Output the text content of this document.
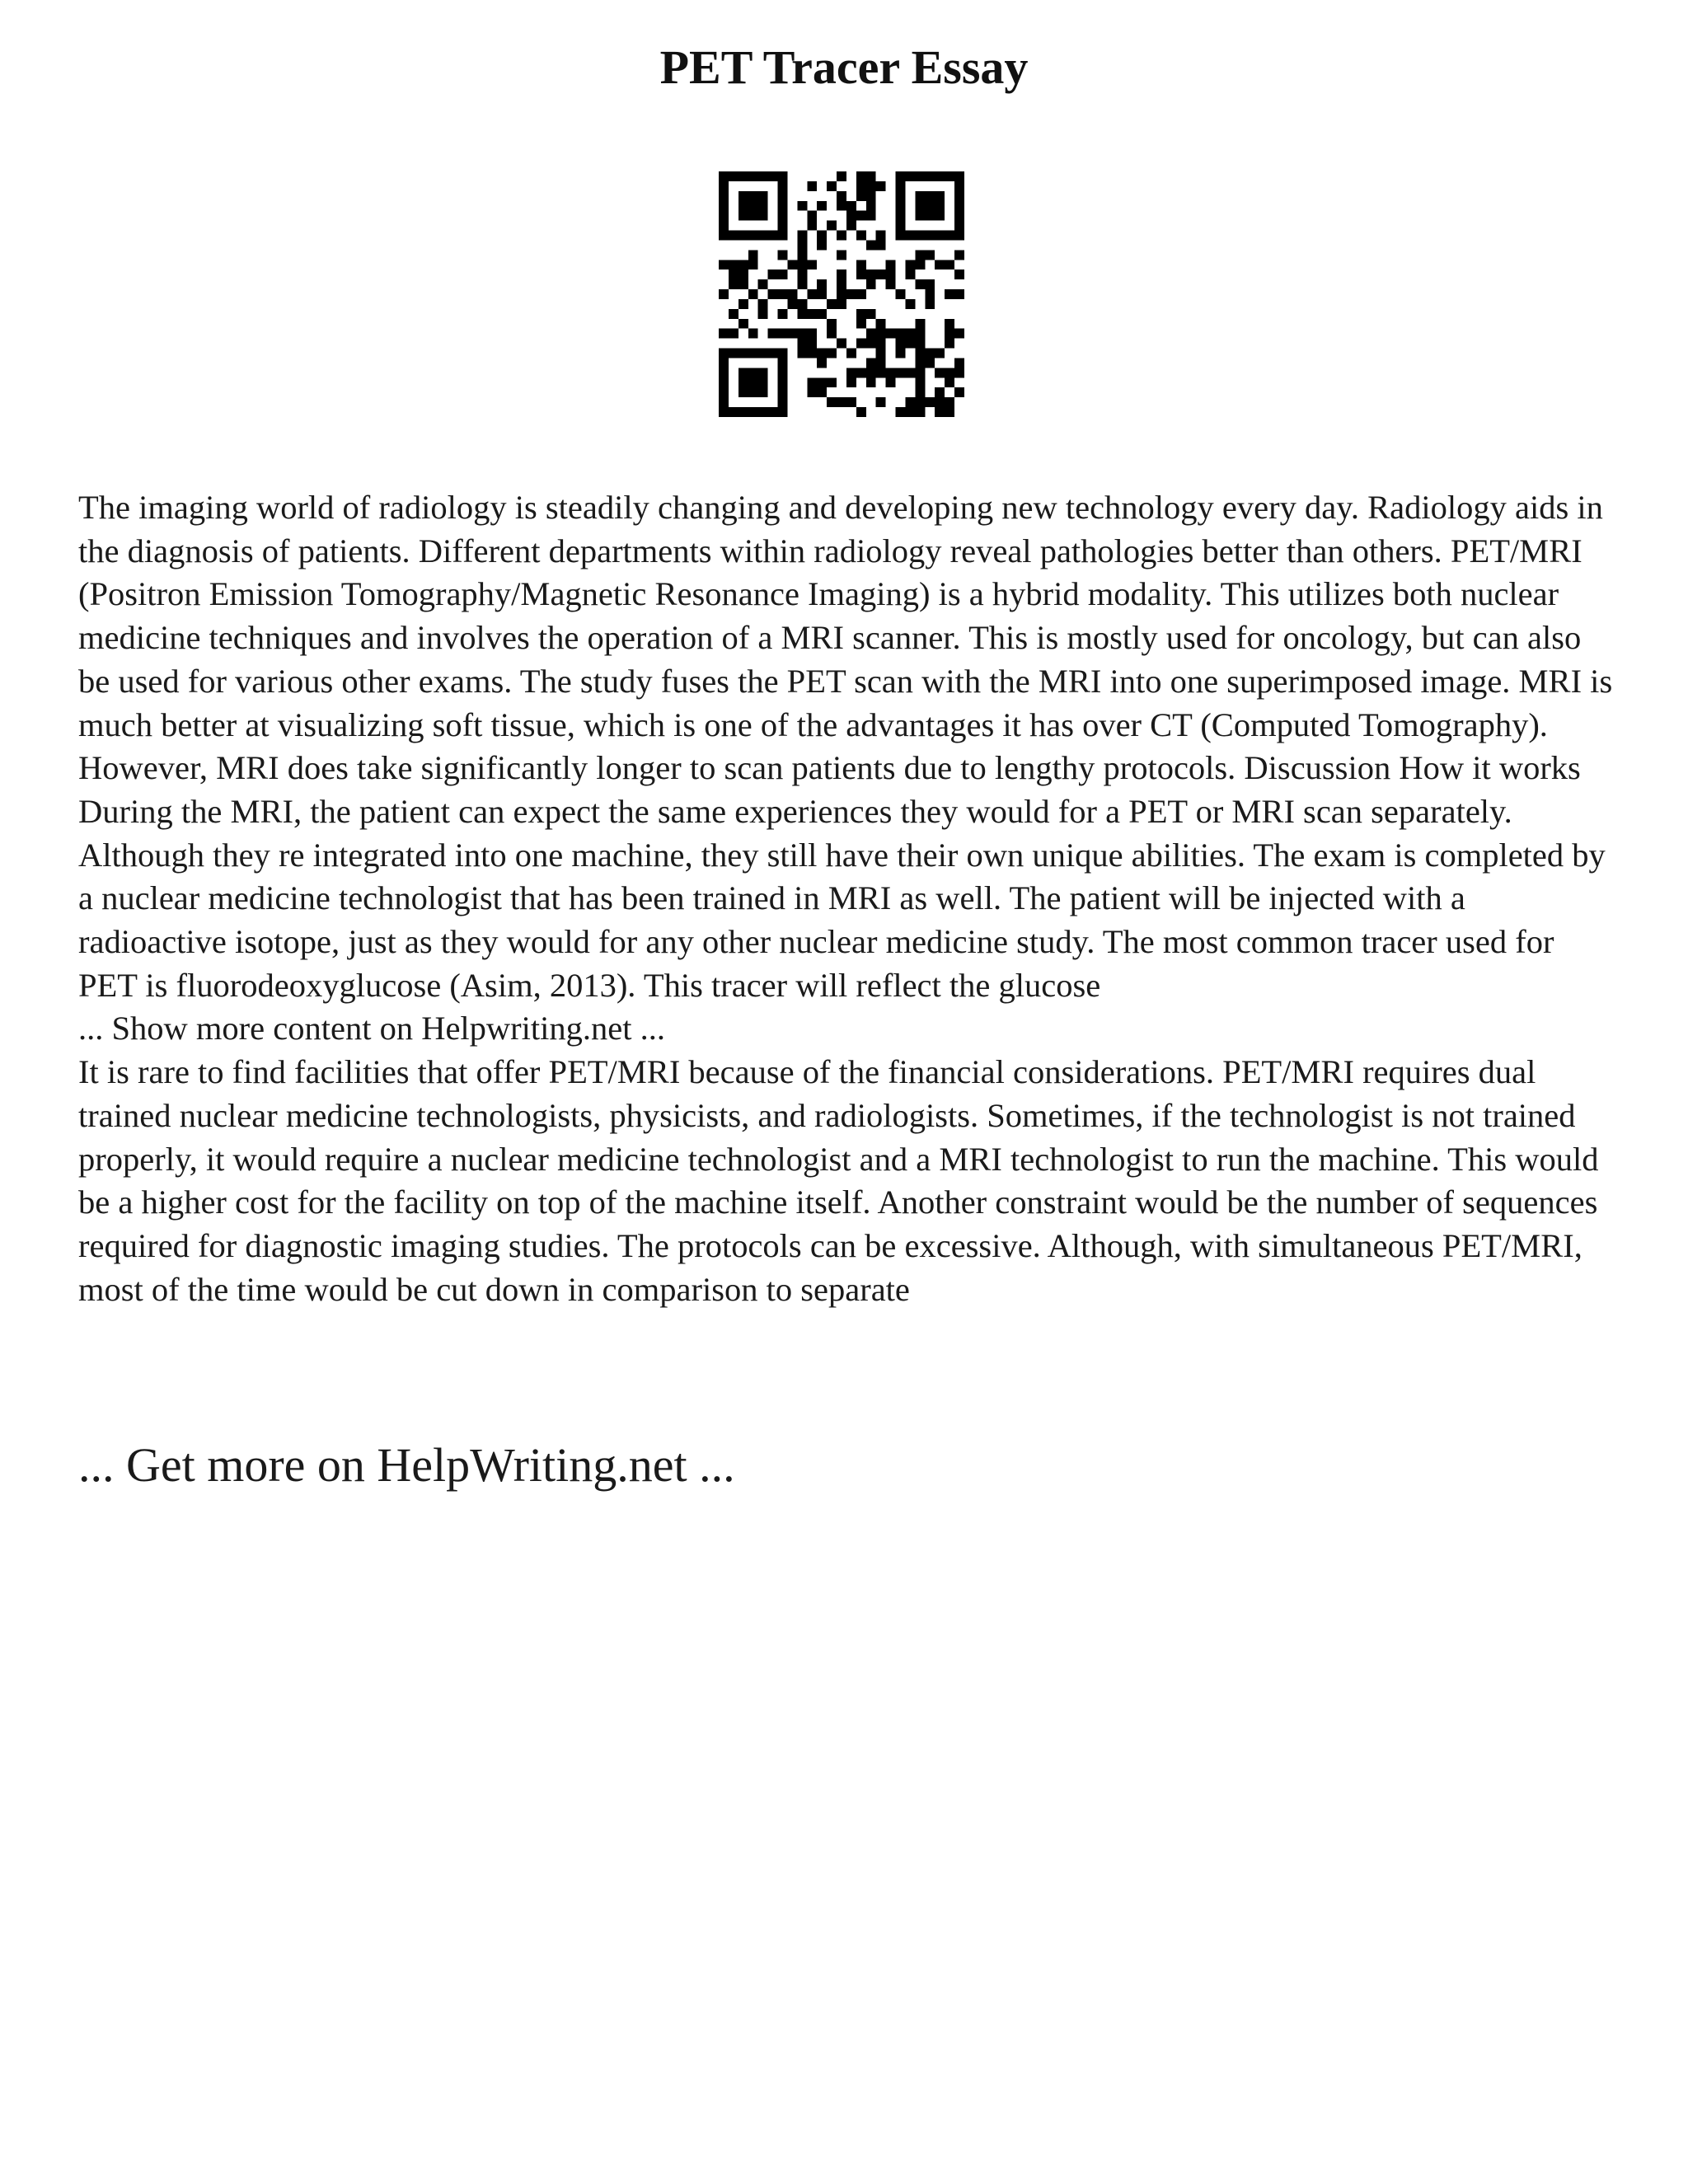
PET Tracer Essay

The imaging world of radiology is steadily changing and developing new technology every day. Radiology aids in the diagnosis of patients. Different departments within radiology reveal pathologies better than others. PET/MRI (Positron Emission Tomography/Magnetic Resonance Imaging) is a hybrid modality. This utilizes both nuclear medicine techniques and involves the operation of a MRI scanner. This is mostly used for oncology, but can also be used for various other exams. The study fuses the PET scan with the MRI into one superimposed image. MRI is much better at visualizing soft tissue, which is one of the advantages it has over CT (Computed Tomography). However, MRI does take significantly longer to scan patients due to lengthy protocols. Discussion How it works During the MRI, the patient can expect the same experiences they would for a PET or MRI scan separately. Although they re integrated into one machine, they still have their own unique abilities. The exam is completed by a nuclear medicine technologist that has been trained in MRI as well. The patient will be injected with a radioactive isotope, just as they would for any other nuclear medicine study. The most common tracer used for PET is fluorodeoxyglucose (Asim, 2013). This tracer will reflect the glucose

... Show more content on Helpwriting.net ...

It is rare to find facilities that offer PET/MRI because of the financial considerations. PET/MRI requires dual trained nuclear medicine technologists, physicists, and radiologists. Sometimes, if the technologist is not trained properly, it would require a nuclear medicine technologist and a MRI technologist to run the machine. This would be a higher cost for the facility on top of the machine itself. Another constraint would be the number of sequences required for diagnostic imaging studies. The protocols can be excessive. Although, with simultaneous PET/MRI, most of the time would be cut down in comparison to separate

... Get more on HelpWriting.net ...
